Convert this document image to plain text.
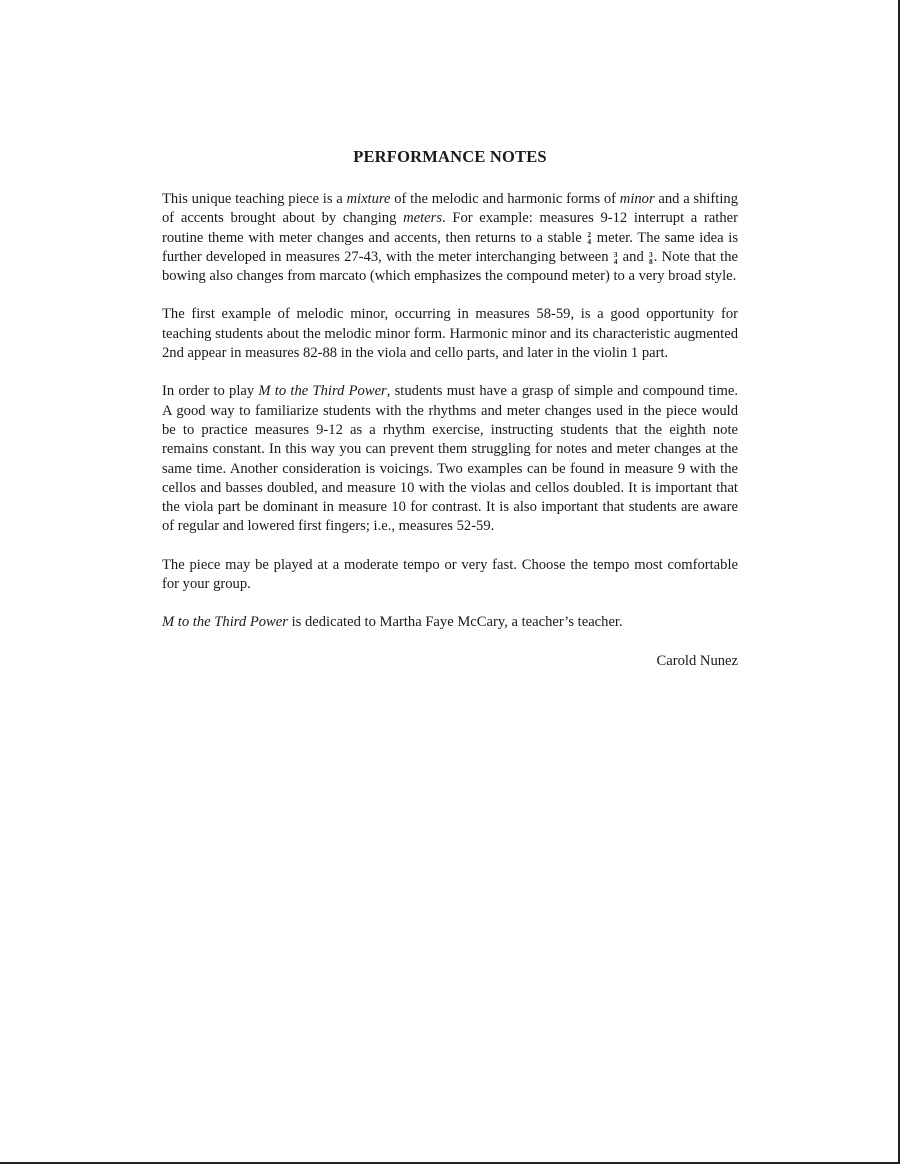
PERFORMANCE NOTES

This unique teaching piece is a mixture of the melodic and harmonic forms of minor and a shifting of accents brought about by changing meters. For example: measures 9-12 interrupt a rather routine theme with meter changes and accents, then returns to a stable 2
4 meter. The same idea is further developed in measures 27-43, with the meter interchanging between 3
4 and 3
8 . Note that the bowing also changes from marcato (which emphasizes the compound meter) to a very broad style.

The first example of melodic minor, occurring in measures 58-59, is a good opportunity for teaching students about the melodic minor form. Harmonic minor and its characteristic augmented 2nd appear in measures 82-88 in the viola and cello parts, and later in the violin 1 part.

In order to play M to the Third Power, students must have a grasp of simple and compound time. A good way to familiarize students with the rhythms and meter changes used in the piece would be to practice measures 9-12 as a rhythm exercise, instructing students that the eighth note remains constant. In this way you can prevent them struggling for notes and meter changes at the same time. Another consideration is voicings. Two examples can be found in measure 9 with the cellos and basses doubled, and measure 10 with the violas and cellos doubled. It is important that the viola part be dominant in measure 10 for contrast. It is also important that students are aware of regular and lowered first fingers; i.e., measures 52-59.

The piece may be played at a moderate tempo or very fast. Choose the tempo most comfortable for your group.

M to the Third Power is dedicated to Martha Faye McCary, a teacher’s teacher.

Carold Nunez
